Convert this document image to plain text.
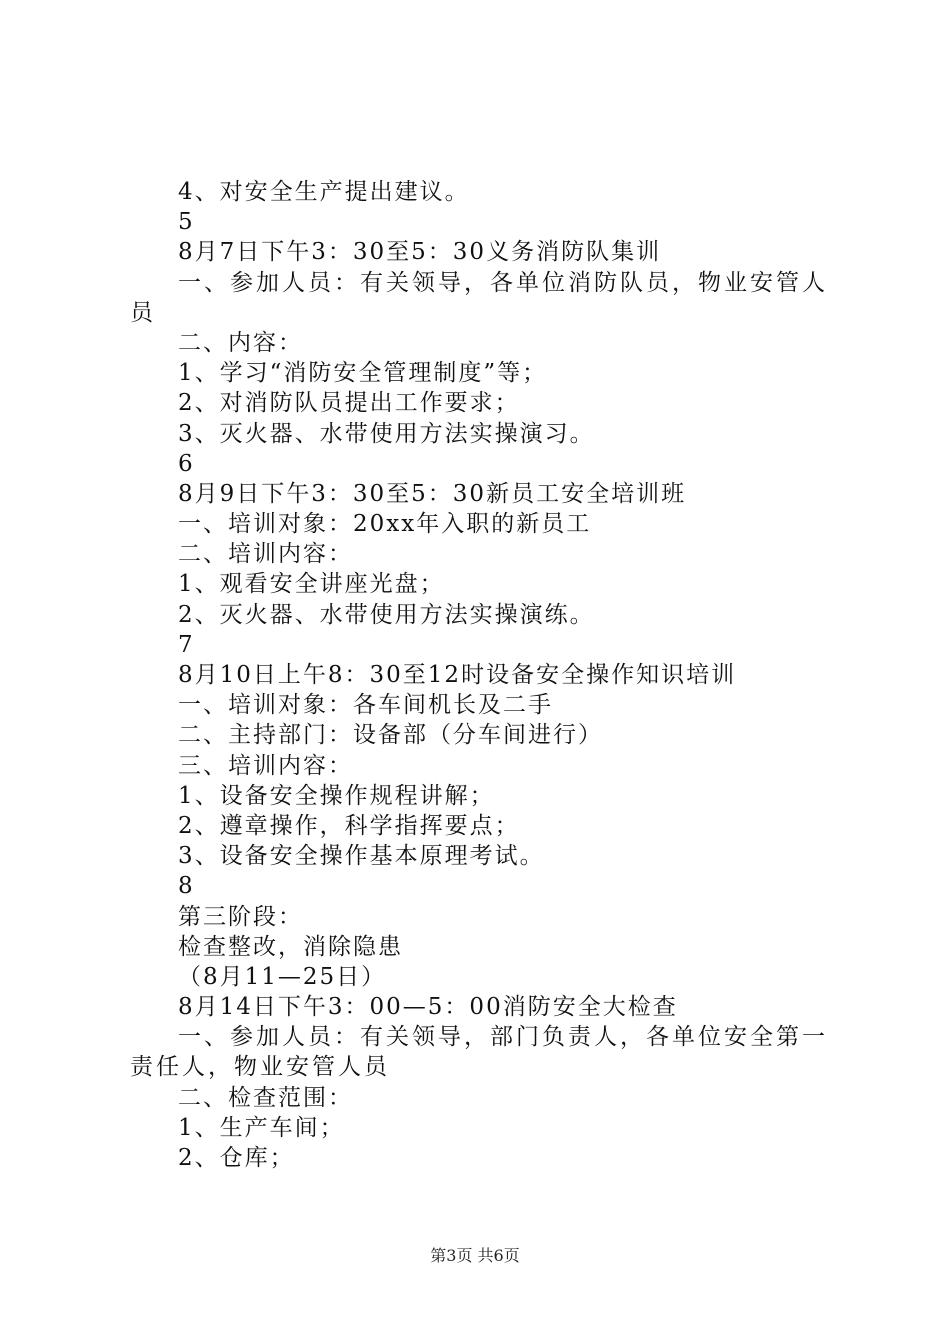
4、对安全生产提出建议。
5
8月7日下午3：30至5：30义务消防队集训
一、参加人员：有关领导，各单位消防队员，物业安管人员
二、内容：
1、学习“消防安全管理制度”等；
2、对消防队员提出工作要求；
3、灭火器、水带使用方法实操演习。
6
8月9日下午3：30至5：30新员工安全培训班
一、培训对象：20xx年入职的新员工
二、培训内容：
1、观看安全讲座光盘；
2、灭火器、水带使用方法实操演练。
7
8月10日上午8：30至12时设备安全操作知识培训
一、培训对象：各车间机长及二手
二、主持部门：设备部（分车间进行）
三、培训内容：
1、设备安全操作规程讲解；
2、遵章操作，科学指挥要点；
3、设备安全操作基本原理考试。
8
第三阶段：
检查整改，消除隐患
（8月11—25日）
8月14日下午3：00—5：00消防安全大检查
一、参加人员：有关领导，部门负责人，各单位安全第一责任人，物业安管人员
二、检查范围：
1、生产车间；
2、仓库；
第3页 共6页
